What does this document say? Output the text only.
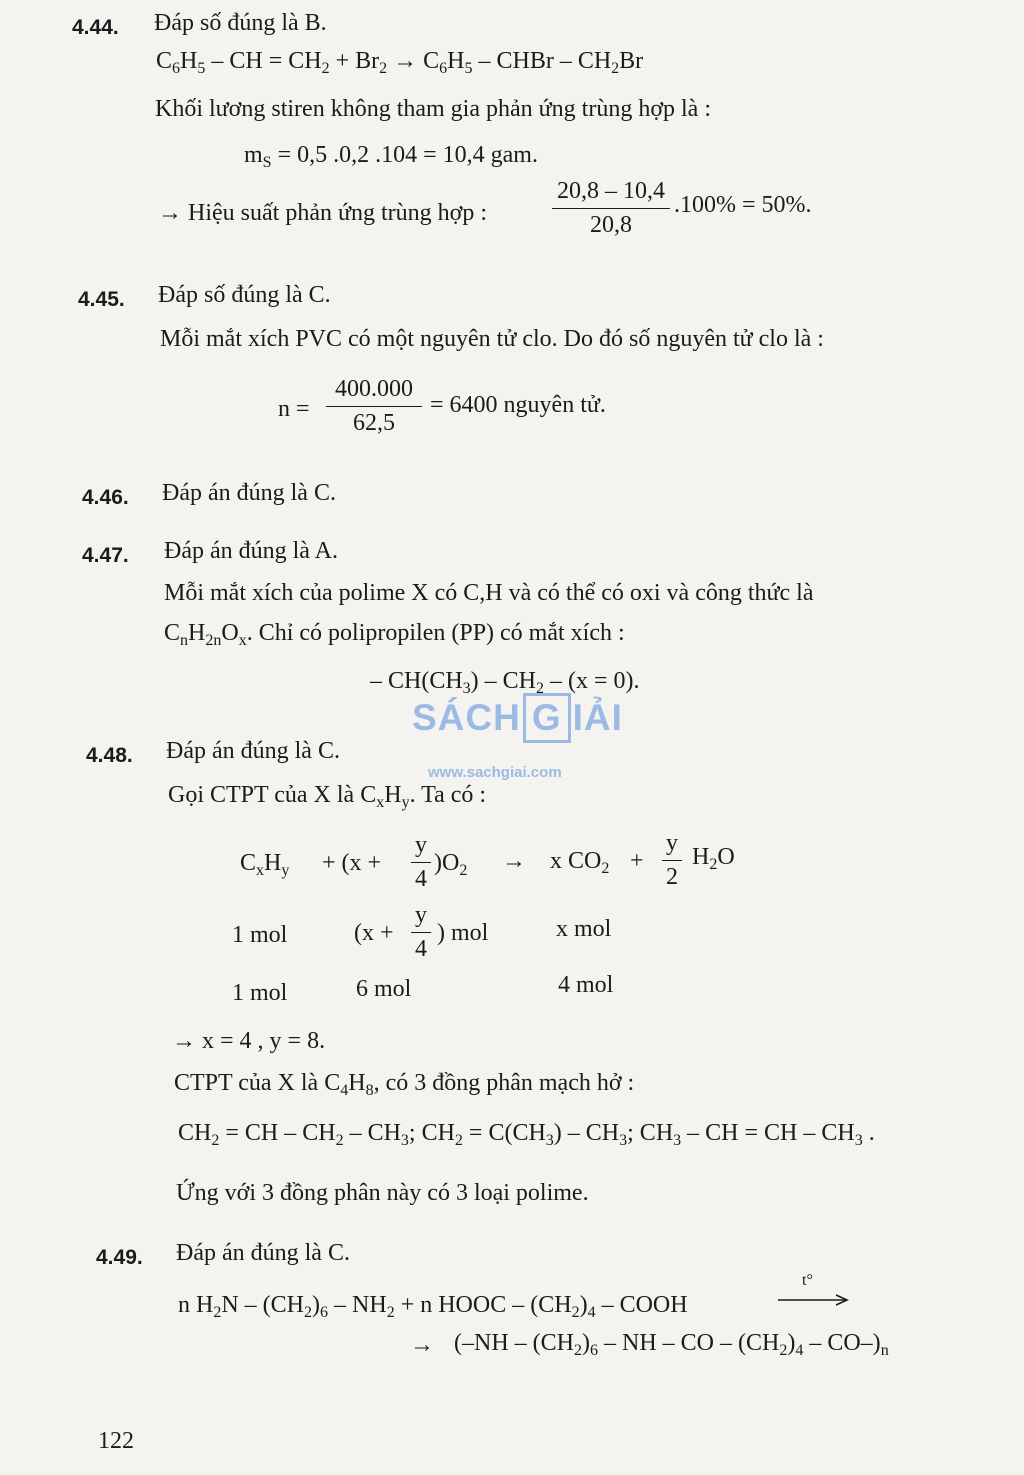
SÁCH G IẢI
www.sachgiai.com
4.44. Đáp số đúng là B.
$C_6H_5$ – CH = $CH_2 + Br_2 \to C_6H_5$ – CHBr – $CH_2Br$
Khối lương stiren không tham gia phản ứng trùng hợp là :
$m_S = 0,5$ .0,2 .104 = 10,4 gam.
→ Hiệu suất phản ứng trùng hợp :
20,8 – 10,4
20,8
.100% = 50%.
4.45. Đáp số đúng là C.
Mỗi mắt xích PVC có một nguyên tử clo. Do đó số nguyên tử clo là :
n =
400.000
62,5
= 6400 nguyên tử.
4.46. Đáp án đúng là C.
4.47. Đáp án đúng là A.
Mỗi mắt xích của polime X có C,H và có thể có oxi và công thức là
$C_nH_{2n}O_x$. Chỉ có polipropilen (PP) có mắt xích :
– $CH(CH_3) - CH_2 - (x = 0)$.
4.48. Đáp án đúng là C.
Gọi CTPT của X là $C_xH_y$. Ta có :
$C_xH_y + (x$ +
y
4
)$O_2 \to x$ $CO_2$ +
y
2
$H_2O$
1 mol	(x +
y
4
) mol	x mol
1 mol	6 mol	4 mol
→ x = 4 , y = 8.
CTPT của X là $C_4H_8$, có 3 đồng phân mạch hở :
$CH_2$ = CH – $CH_2 - CH_3$; $CH_2 = C(CH_3) - CH_3$; $CH_3$ – CH = CH – $CH_3$ .
Ứng với 3 đồng phân này có 3 loại polime.
4.49. Đáp án đúng là C.
n $H_2N - (CH_2)_6 - NH_2 + n$ HOOC – $(CH_2)_4$ – COOH
t°
→ ($-NH - (CH_2)_6$ – NH – CO – $(CH_2)_4 - CO-)_n$
122
